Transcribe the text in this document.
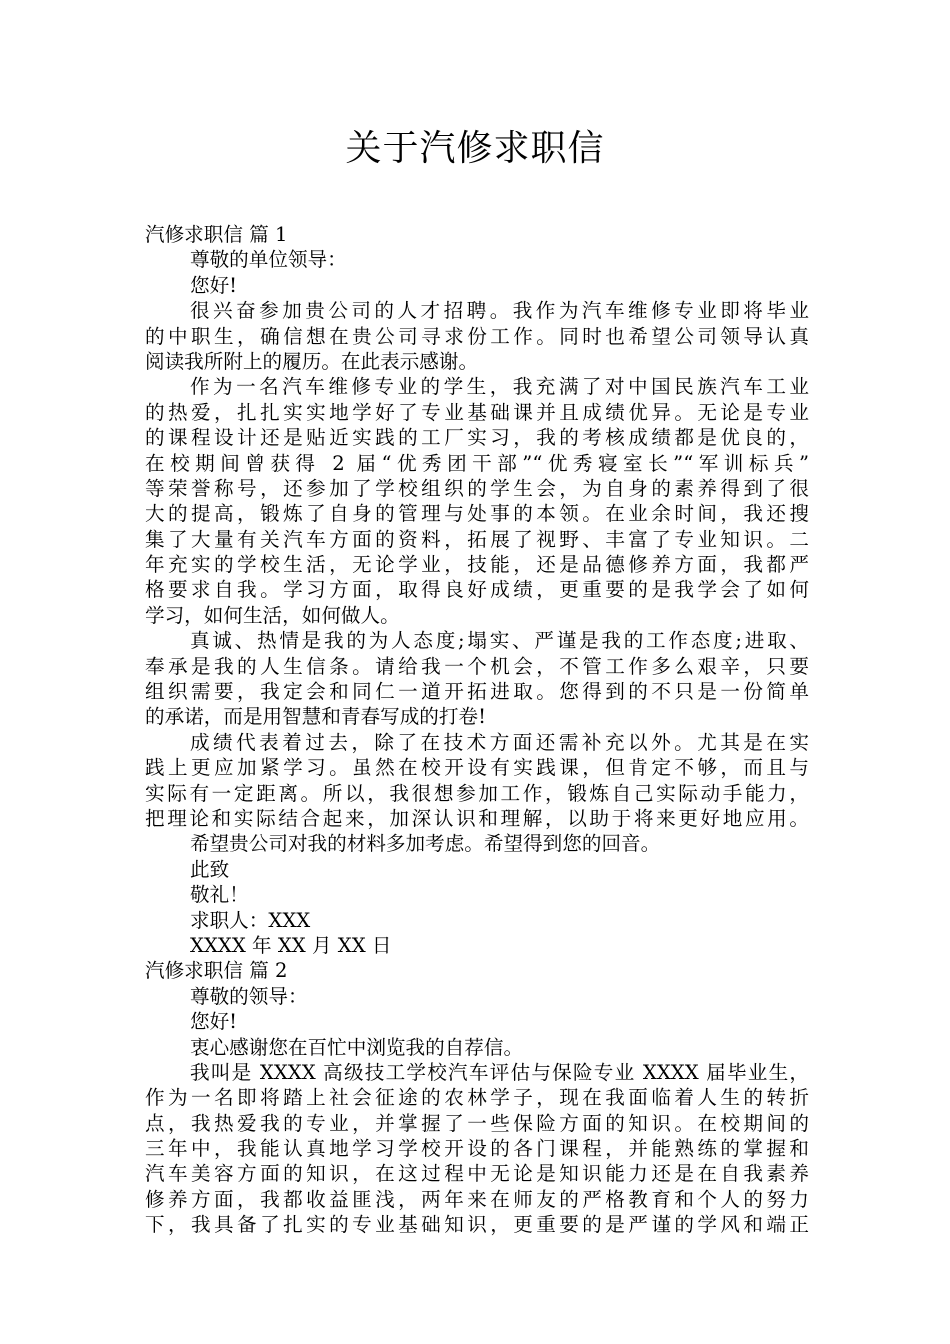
关于汽修求职信
汽修求职信 篇 1
尊敬的单位领导：
您好!
很兴奋参加贵公司的人才招聘。我作为汽车维修专业即将毕业
的中职生，确信想在贵公司寻求份工作。同时也希望公司领导认真
阅读我所附上的履历。在此表示感谢。
作为一名汽车维修专业的学生，我充满了对中国民族汽车工业
的热爱，扎扎实实地学好了专业基础课并且成绩优异。无论是专业
的课程设计还是贴近实践的工厂实习，我的考核成绩都是优良的，
在校期间曾获得 2 届“优秀团干部”“优秀寝室长”“军训标兵”
等荣誉称号，还参加了学校组织的学生会，为自身的素养得到了很
大的提高，锻炼了自身的管理与处事的本领。在业余时间，我还搜
集了大量有关汽车方面的资料，拓展了视野、丰富了专业知识。二
年充实的学校生活，无论学业，技能，还是品德修养方面，我都严
格要求自我。学习方面，取得良好成绩，更重要的是我学会了如何
学习，如何生活，如何做人。
真诚、热情是我的为人态度;塌实、严谨是我的工作态度;进取、
奉承是我的人生信条。请给我一个机会，不管工作多么艰辛，只要
组织需要，我定会和同仁一道开拓进取。您得到的不只是一份简单
的承诺，而是用智慧和青春写成的打卷!
成绩代表着过去，除了在技术方面还需补充以外。尤其是在实
践上更应加紧学习。虽然在校开设有实践课，但肯定不够，而且与
实际有一定距离。所以，我很想参加工作，锻炼自己实际动手能力，
把理论和实际结合起来，加深认识和理解，以助于将来更好地应用。
希望贵公司对我的材料多加考虑。希望得到您的回音。
此致
敬礼！
求职人：XXX
XXXX 年 XX 月 XX 日
汽修求职信 篇 2
尊敬的领导：
您好!
衷心感谢您在百忙中浏览我的自荐信。
我叫是 XXXX 高级技工学校汽车评估与保险专业 XXXX 届毕业生，
作为一名即将踏上社会征途的农林学子，现在我面临着人生的转折
点，我热爱我的专业，并掌握了一些保险方面的知识。在校期间的
三年中，我能认真地学习学校开设的各门课程，并能熟练的掌握和
汽车美容方面的知识，在这过程中无论是知识能力还是在自我素养
修养方面，我都收益匪浅，两年来在师友的严格教育和个人的努力
下，我具备了扎实的专业基础知识，更重要的是严谨的学风和端正
